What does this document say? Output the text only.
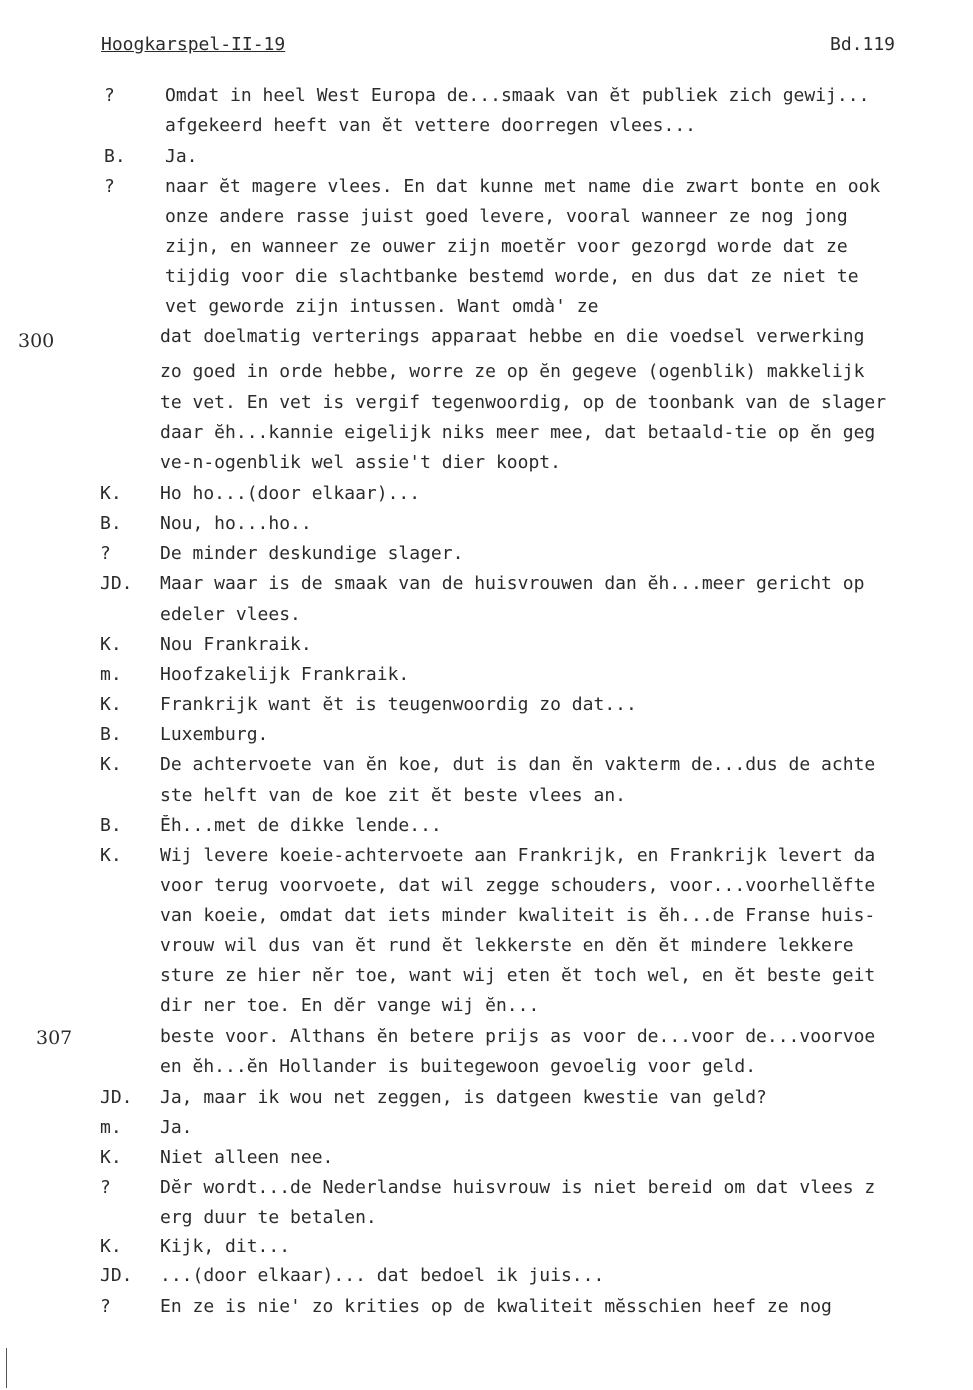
Hoogkarspel-II-19	Bd.119
300
307
?	Omdat in heel West Europa de...smaak van ĕt publiek zich gewij...
afgekeerd heeft van ĕt vettere doorregen vlees...
B. Ja.
?	naar ĕt magere vlees. En dat kunne met name die zwart bonte en ook
onze andere rasse juist goed levere, vooral wanneer ze nog jong
zijn, en wanneer ze ouwer zijn moetĕr voor gezorgd worde dat ze
tijdig voor die slachtbanke bestemd worde, en dus dat ze niet te
vet geworde zijn intussen. Want omdà' ze
dat doelmatig verterings apparaat hebbe en die voedsel verwerking
zo goed in orde hebbe, worre ze op ĕn gegeve (ogenblik) makkelijk
te vet. En vet is vergif tegenwoordig, op de toonbank van de slager
daar ĕh...kannie eigelijk niks meer mee, dat betaald-tie op ĕn geg
ve-n-ogenblik wel assie't dier koopt.
K. Ho ho...(door elkaar)...
B. Nou, ho...ho..
?	De minder deskundige slager.
JD. Maar waar is de smaak van de huisvrouwen dan ĕh...meer gericht op
edeler vlees.
K. Nou Frankraik.
m. Hoofzakelijk Frankraik.
K. Frankrijk want ĕt is teugenwoordig zo dat...
B. Luxemburg.
K. De achtervoete van ĕn koe, dut is dan ĕn vakterm de...dus de achte
ste helft van de koe zit ĕt beste vlees an.
B. Ĕh...met de dikke lende...
K. Wij levere koeie-achtervoete aan Frankrijk, en Frankrijk levert da
voor terug voorvoete, dat wil zegge schouders, voor...voorhellĕfte
van koeie, omdat dat iets minder kwaliteit is ĕh...de Franse huis-
vrouw wil dus van ĕt rund ĕt lekkerste en dĕn ĕt mindere lekkere
sture ze hier nĕr toe, want wij eten ĕt toch wel, en ĕt beste geit
dir ner toe. En dĕr vange wij ĕn...
beste voor. Althans ĕn betere prijs as voor de...voor de...voorvoe
en ĕh...ĕn Hollander is buitegewoon gevoelig voor geld.
JD. Ja, maar ik wou net zeggen, is datgeen kwestie van geld?
m. Ja.
K. Niet alleen nee.
?	Dĕr wordt...de Nederlandse huisvrouw is niet bereid om dat vlees z
erg duur te betalen.
K. Kijk, dit...
JD. ...(door elkaar)... dat bedoel ik juis...
?	En ze is nie' zo krities op de kwaliteit mĕsschien heef ze nog
